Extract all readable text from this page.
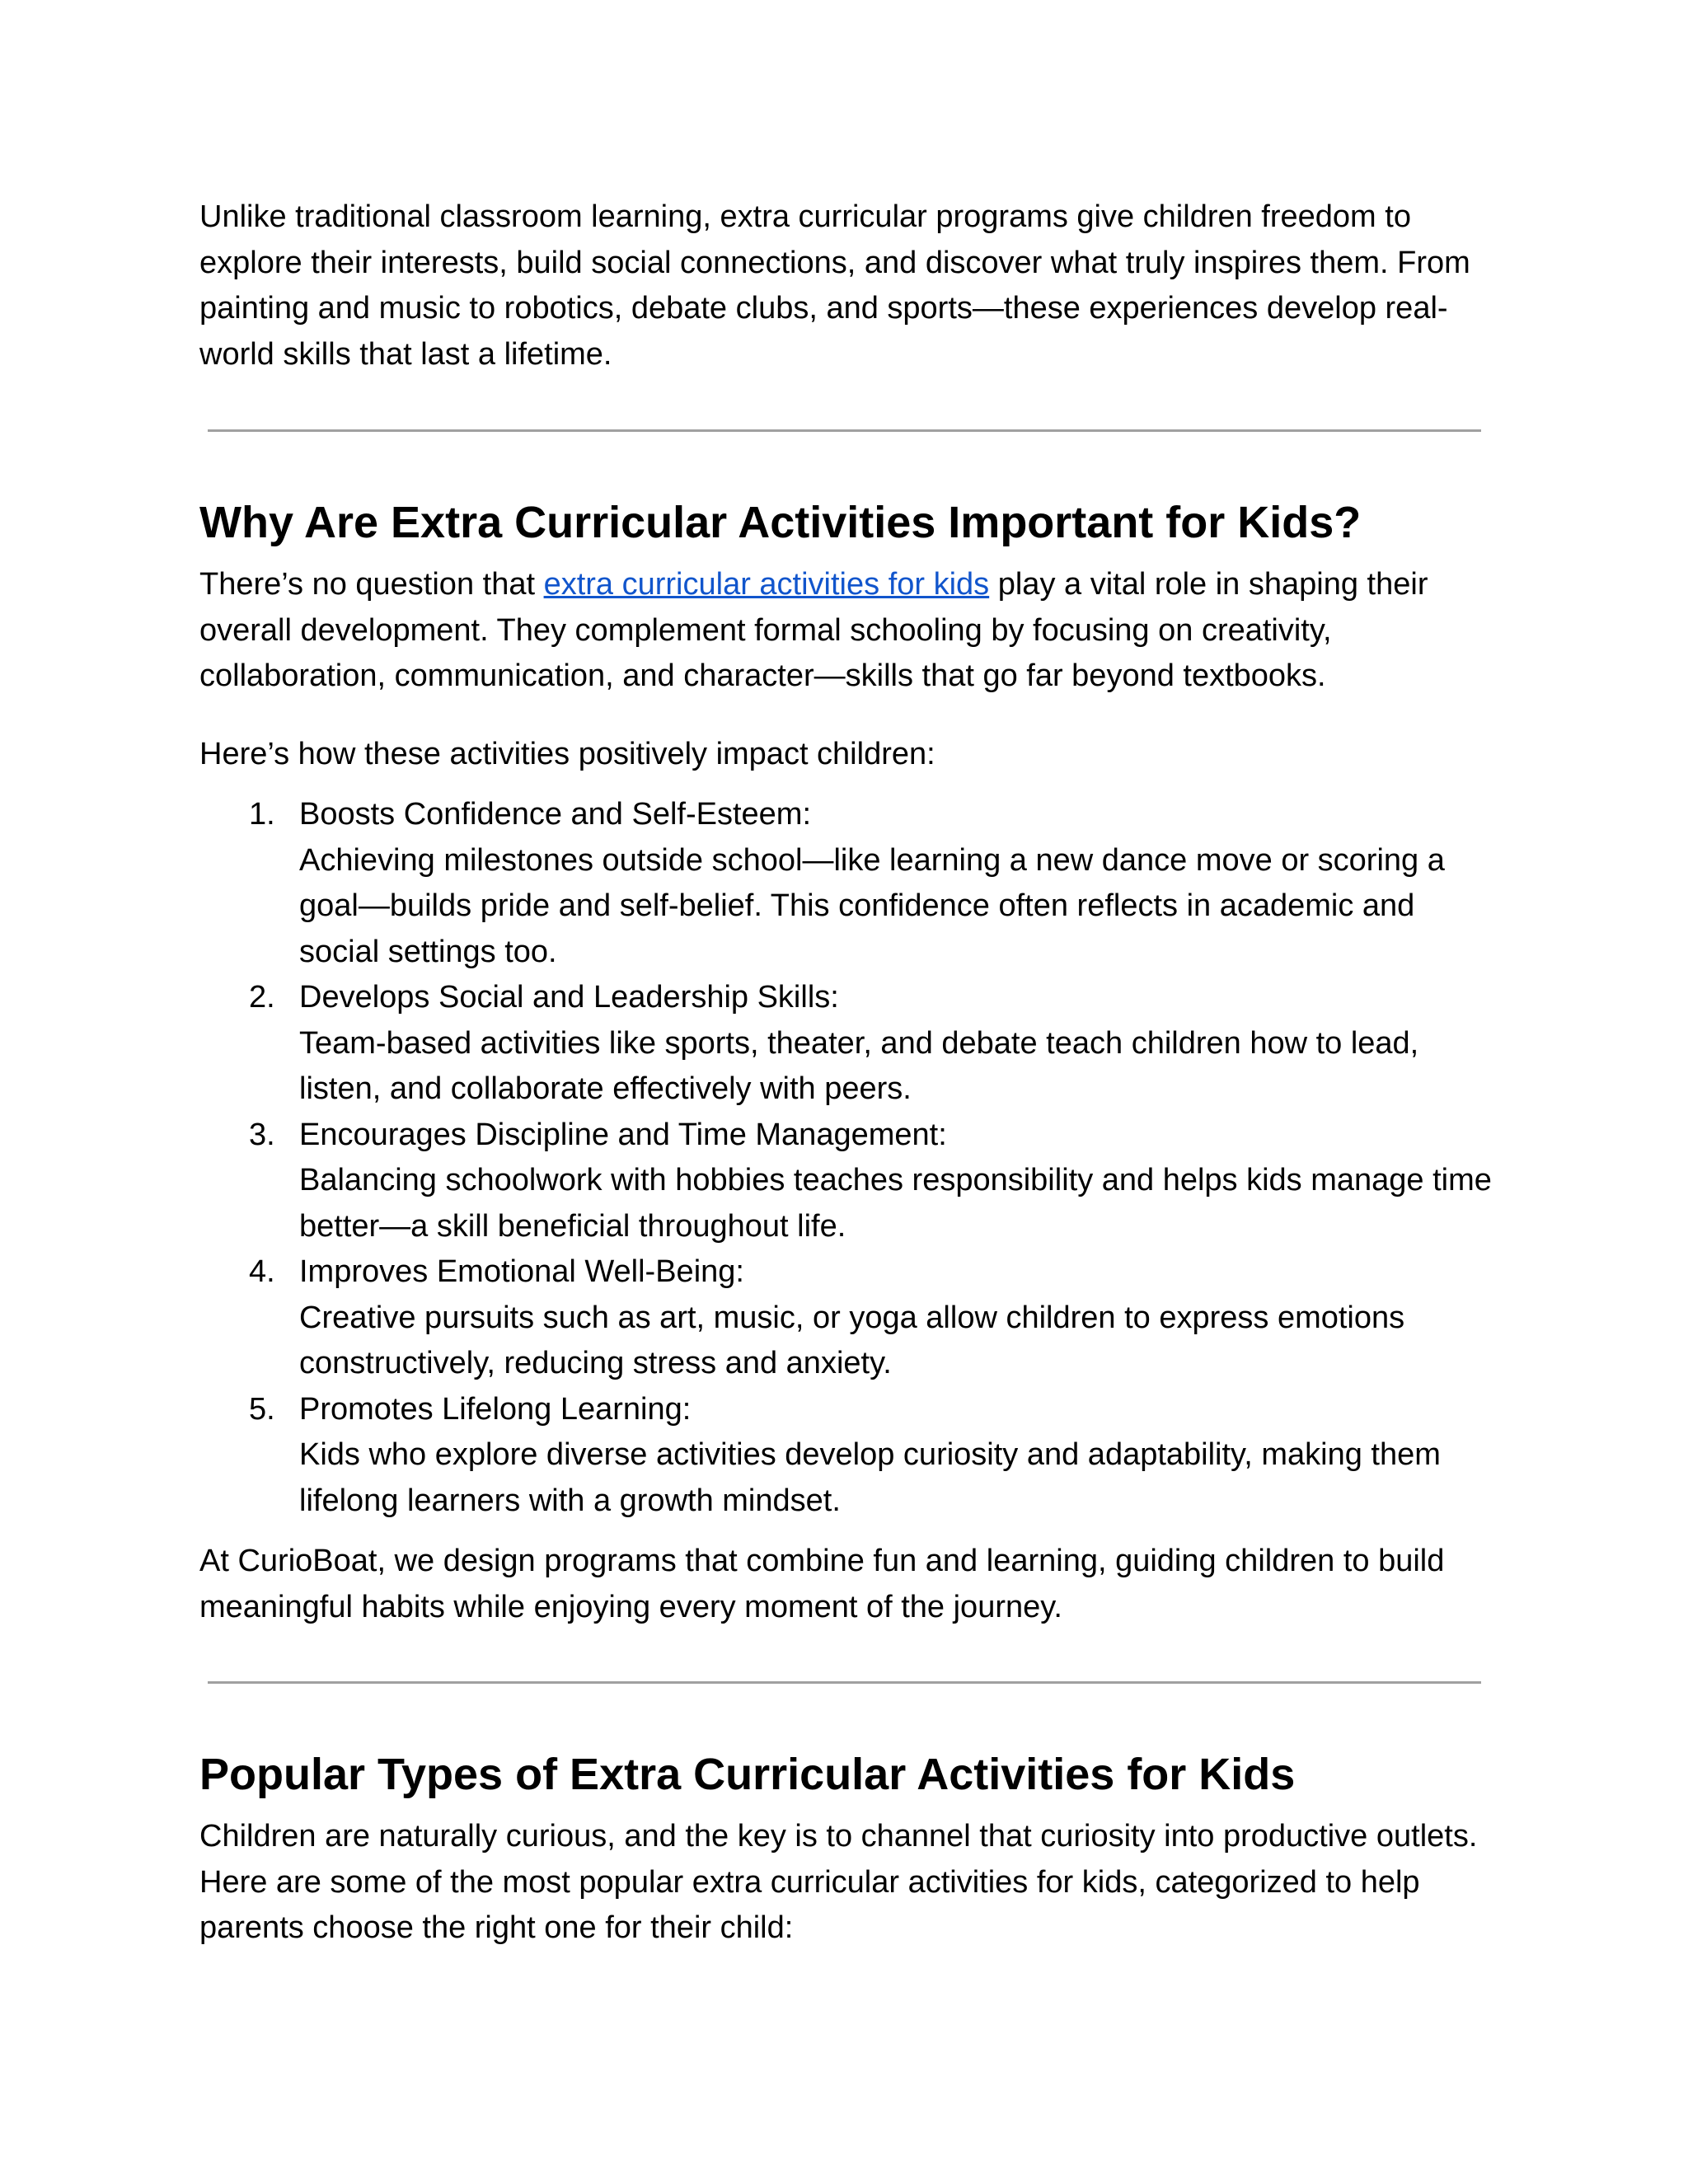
Unlike traditional classroom learning, extra curricular programs give children freedom to explore their interests, build social connections, and discover what truly inspires them. From painting and music to robotics, debate clubs, and sports—these experiences develop real-world skills that last a lifetime.

Why Are Extra Curricular Activities Important for Kids?

There’s no question that extra curricular activities for kids play a vital role in shaping their overall development. They complement formal schooling by focusing on creativity, collaboration, communication, and character—skills that go far beyond textbooks.

Here’s how these activities positively impact children:

1. Boosts Confidence and Self-Esteem:
Achieving milestones outside school—like learning a new dance move or scoring a goal—builds pride and self-belief. This confidence often reflects in academic and social settings too.
2. Develops Social and Leadership Skills:
Team-based activities like sports, theater, and debate teach children how to lead, listen, and collaborate effectively with peers.
3. Encourages Discipline and Time Management:
Balancing schoolwork with hobbies teaches responsibility and helps kids manage time better—a skill beneficial throughout life.
4. Improves Emotional Well-Being:
Creative pursuits such as art, music, or yoga allow children to express emotions constructively, reducing stress and anxiety.
5. Promotes Lifelong Learning:
Kids who explore diverse activities develop curiosity and adaptability, making them lifelong learners with a growth mindset.

At CurioBoat, we design programs that combine fun and learning, guiding children to build meaningful habits while enjoying every moment of the journey.

Popular Types of Extra Curricular Activities for Kids

Children are naturally curious, and the key is to channel that curiosity into productive outlets. Here are some of the most popular extra curricular activities for kids, categorized to help parents choose the right one for their child:
